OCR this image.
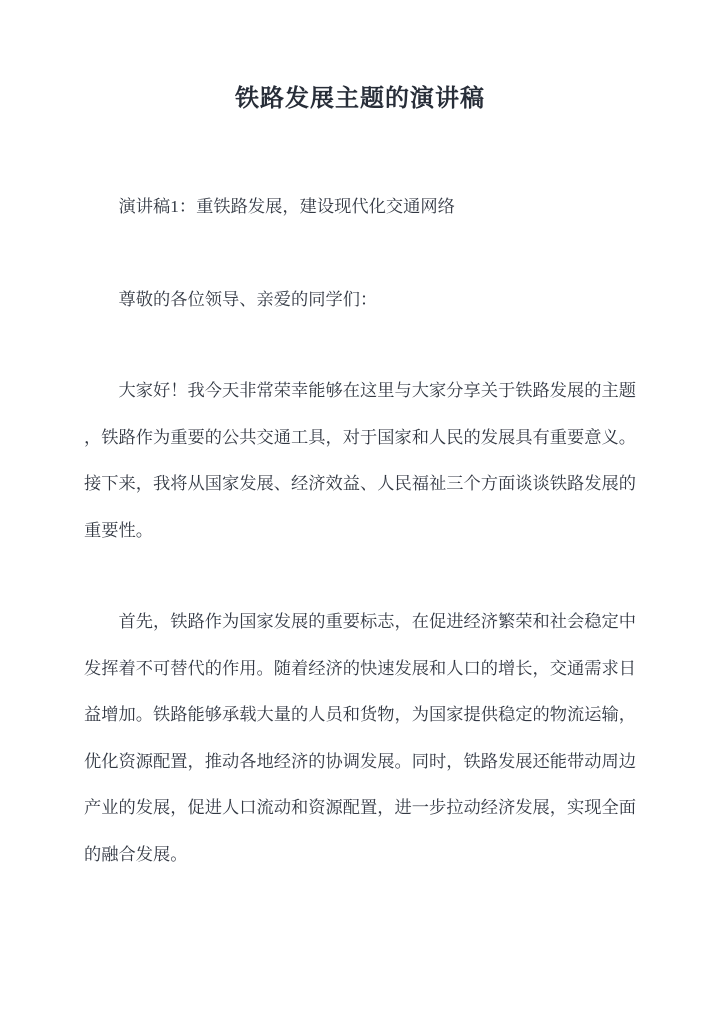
铁路发展主题的演讲稿

演讲稿1：重铁路发展，建设现代化交通网络

尊敬的各位领导、亲爱的同学们：

大家好！我今天非常荣幸能够在这里与大家分享关于铁路发展的主题，铁路作为重要的公共交通工具，对于国家和人民的发展具有重要意义。接下来，我将从国家发展、经济效益、人民福祉三个方面谈谈铁路发展的重要性。

首先，铁路作为国家发展的重要标志，在促进经济繁荣和社会稳定中发挥着不可替代的作用。随着经济的快速发展和人口的增长，交通需求日益增加。铁路能够承载大量的人员和货物，为国家提供稳定的物流运输，优化资源配置，推动各地经济的协调发展。同时，铁路发展还能带动周边产业的发展，促进人口流动和资源配置，进一步拉动经济发展，实现全面的融合发展。
